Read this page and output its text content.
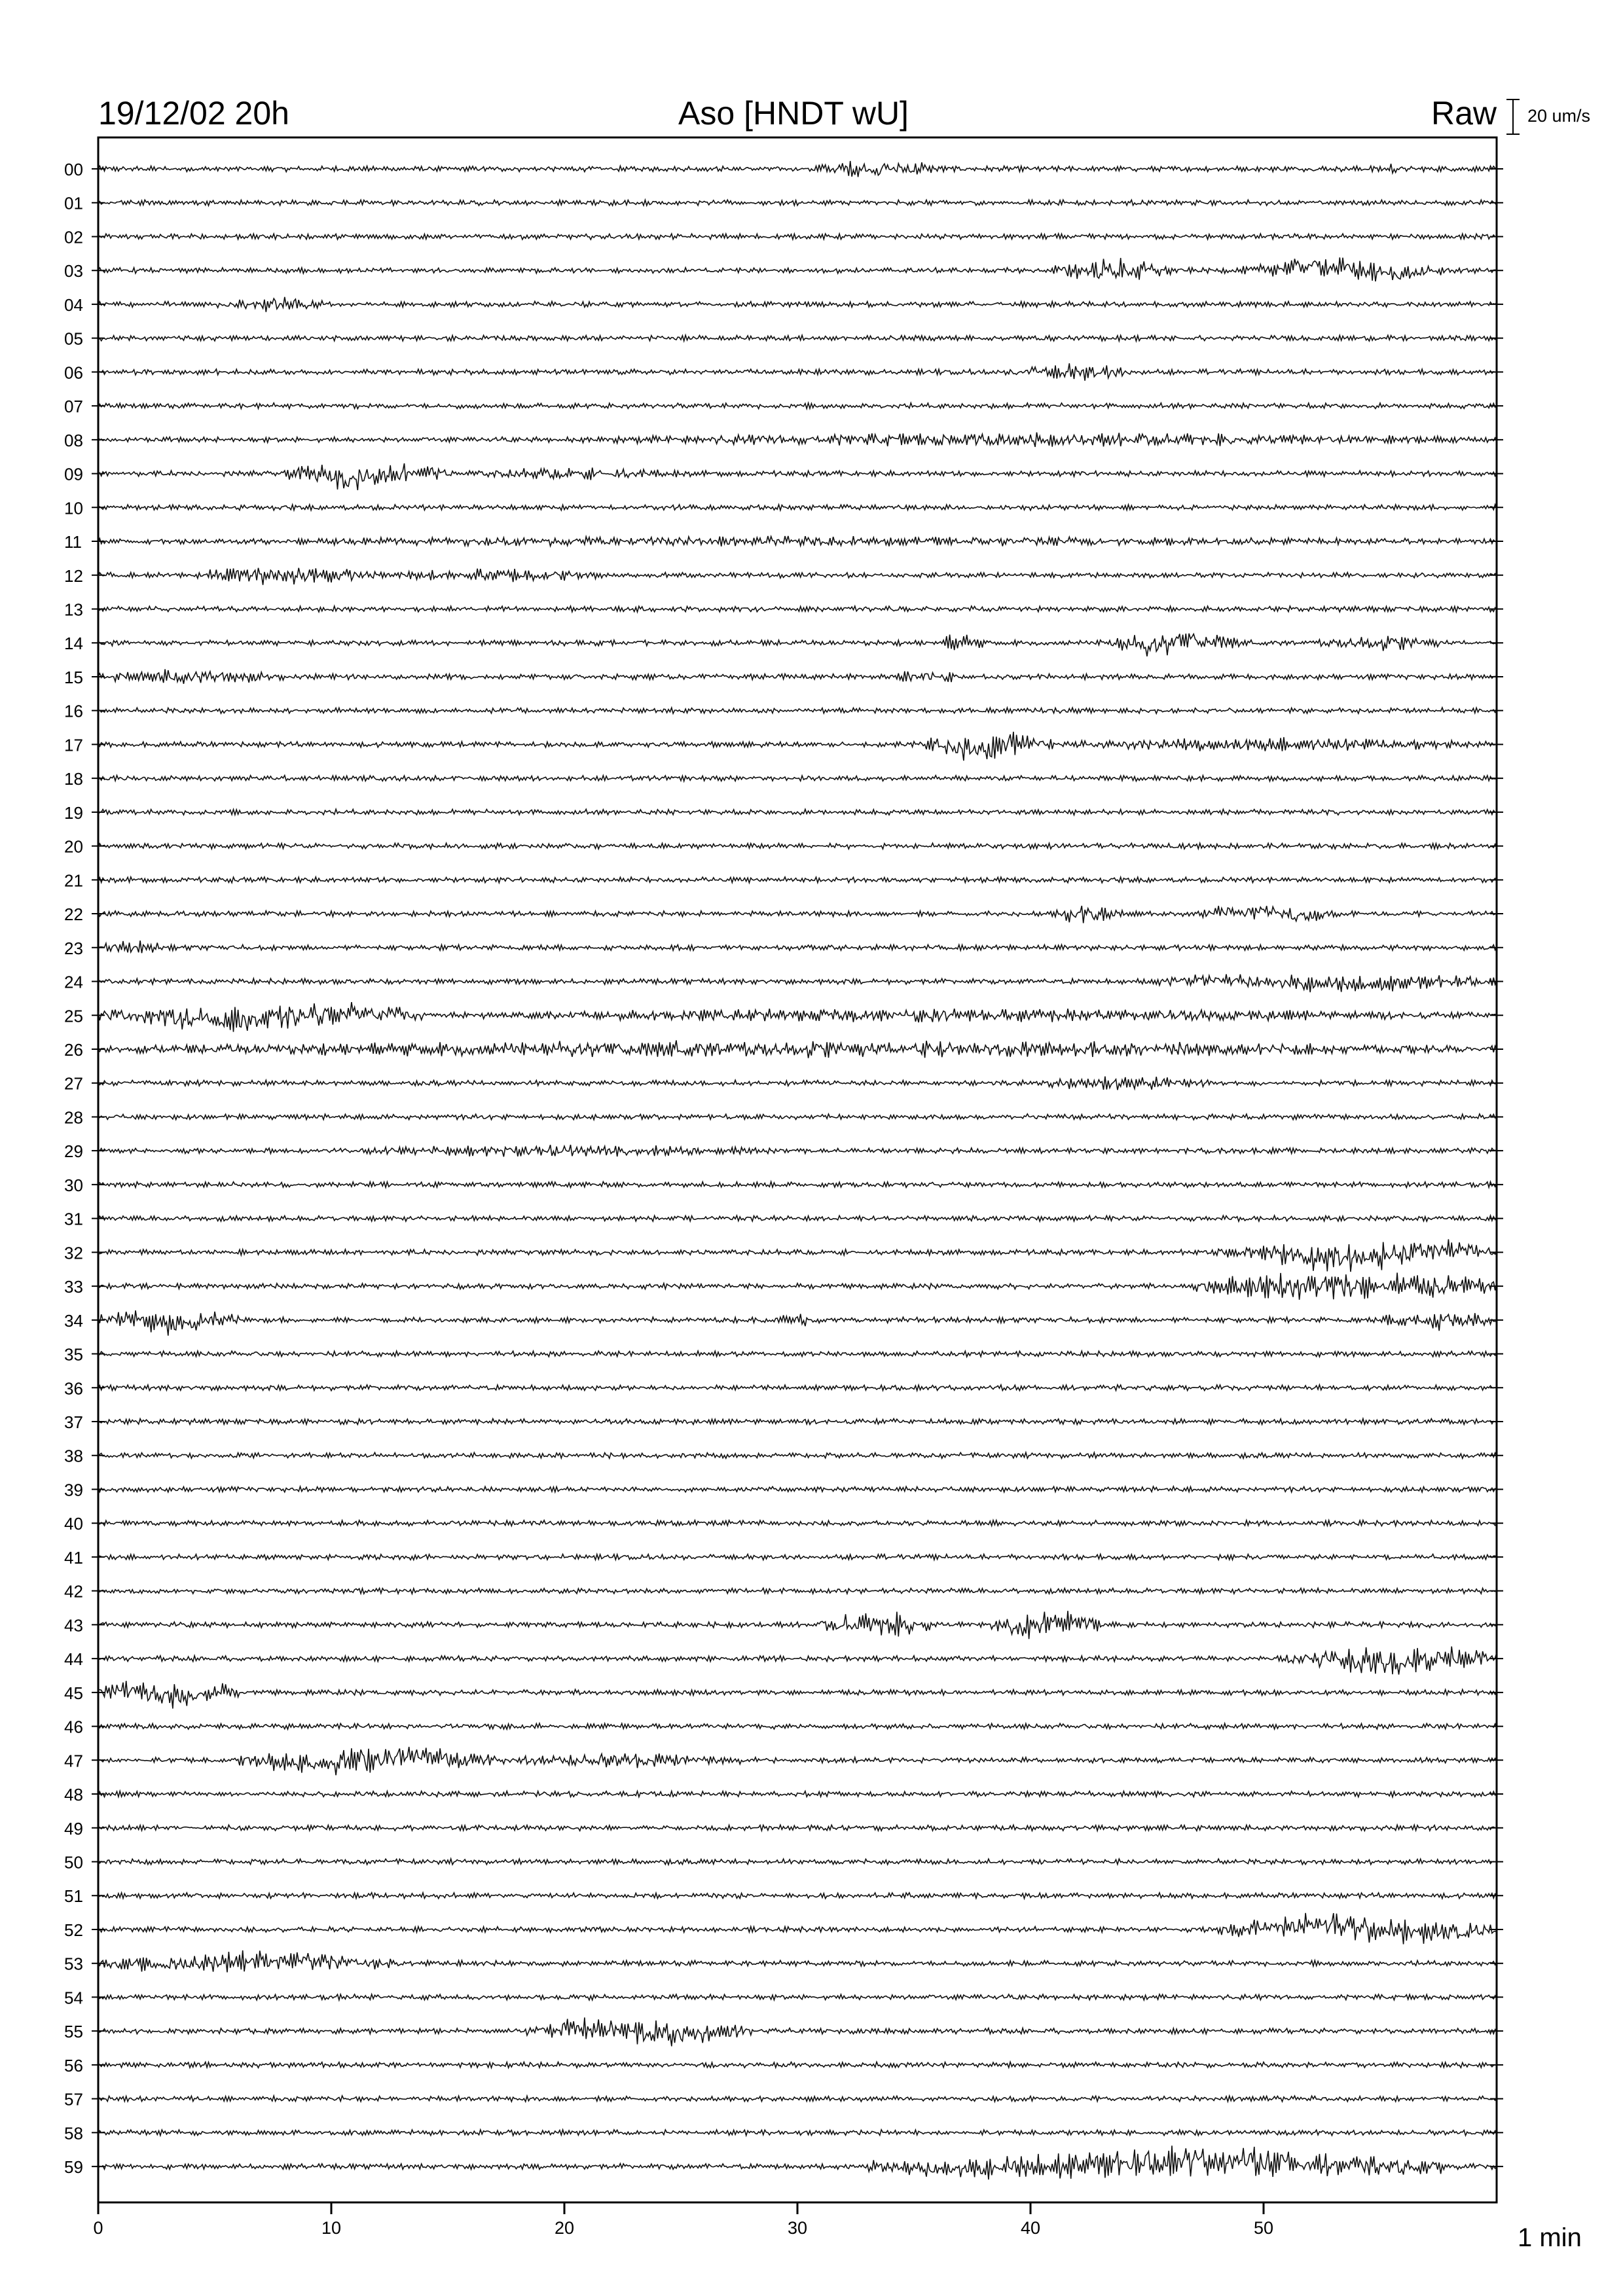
19/12/02 20h	Aso [HNDT wU]	Raw 20 um/s
0	10	20	30	40	50	1 min
00
01
02
03
04
05
06
07
08
09
10
11
12
13
14
15
16
17
18
19
20
21
22
23
24
25
26
27
28
29
30
31
32
33
34
35
36
37
38
39
40
41
42
43
44
45
46
47
48
49
50
51
52
53
54
55
56
57
58
59
